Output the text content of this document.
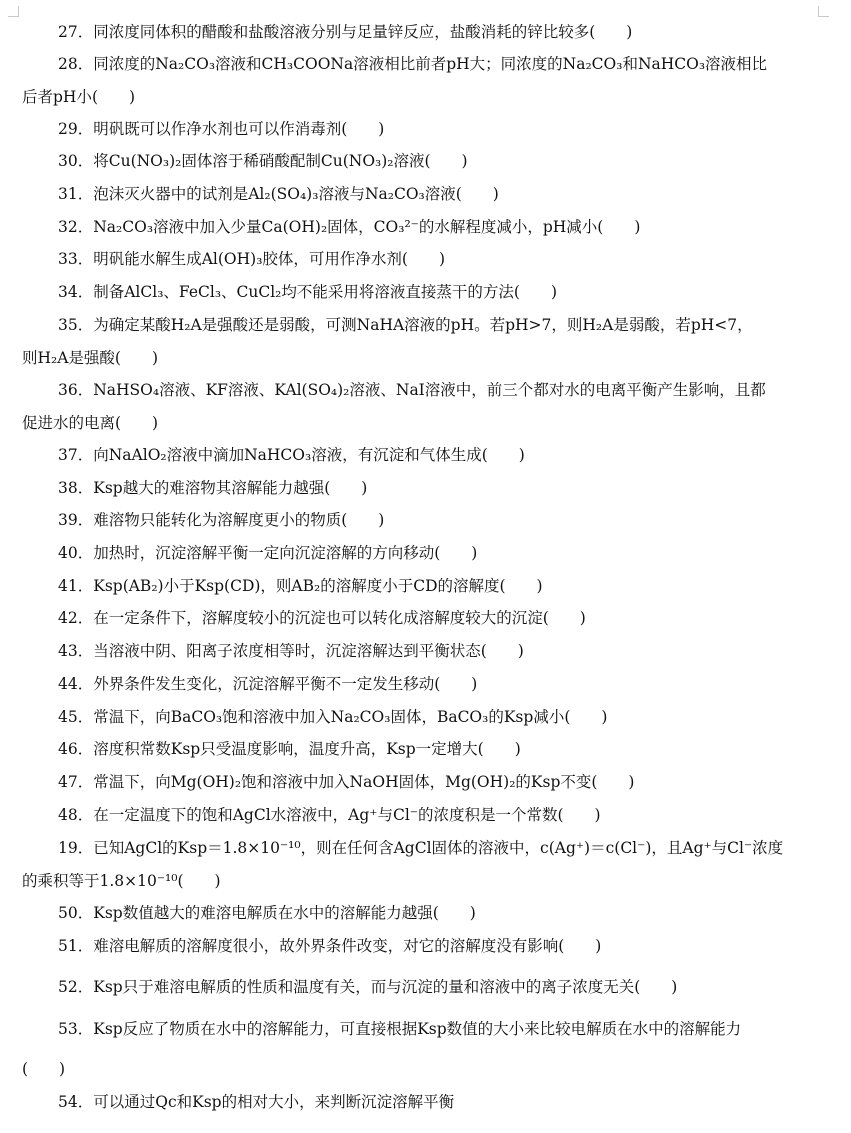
27．同浓度同体积的醋酸和盐酸溶液分别与足量锌反应，盐酸消耗的锌比较多(　　)
28．同浓度的Na₂CO₃溶液和CH₃COONa溶液相比前者pH大；同浓度的Na₂CO₃和NaHCO₃溶液相比
后者pH小(　　)
29．明矾既可以作净水剂也可以作消毒剂(　　)
30．将Cu(NO₃)₂固体溶于稀硝酸配制Cu(NO₃)₂溶液(　　)
31．泡沫灭火器中的试剂是Al₂(SO₄)₃溶液与Na₂CO₃溶液(　　)
32．Na₂CO₃溶液中加入少量Ca(OH)₂固体，CO₃²⁻的水解程度减小，pH减小(　　)
33．明矾能水解生成Al(OH)₃胶体，可用作净水剂(　　)
34．制备AlCl₃、FeCl₃、CuCl₂均不能采用将溶液直接蒸干的方法(　　)
35．为确定某酸H₂A是强酸还是弱酸，可测NaHA溶液的pH。若pH>7，则H₂A是弱酸，若pH<7，
则H₂A是强酸(　　)
36．NaHSO₄溶液、KF溶液、KAl(SO₄)₂溶液、NaI溶液中，前三个都对水的电离平衡产生影响，且都
促进水的电离(　　)
37．向NaAlO₂溶液中滴加NaHCO₃溶液，有沉淀和气体生成(　　)
38．Ksp越大的难溶物其溶解能力越强(　　)
39．难溶物只能转化为溶解度更小的物质(　　)
40．加热时，沉淀溶解平衡一定向沉淀溶解的方向移动(　　)
41．Ksp(AB₂)小于Ksp(CD)，则AB₂的溶解度小于CD的溶解度(　　)
42．在一定条件下，溶解度较小的沉淀也可以转化成溶解度较大的沉淀(　　)
43．当溶液中阴、阳离子浓度相等时，沉淀溶解达到平衡状态(　　)
44．外界条件发生变化，沉淀溶解平衡不一定发生移动(　　)
45．常温下，向BaCO₃饱和溶液中加入Na₂CO₃固体，BaCO₃的Ksp减小(　　)
46．溶度积常数Ksp只受温度影响，温度升高，Ksp一定增大(　　)
47．常温下，向Mg(OH)₂饱和溶液中加入NaOH固体，Mg(OH)₂的Ksp不变(　　)
48．在一定温度下的饱和AgCl水溶液中，Ag⁺与Cl⁻的浓度积是一个常数(　　)
19．已知AgCl的Ksp＝1.8×10⁻¹⁰，则在任何含AgCl固体的溶液中，c(Ag⁺)＝c(Cl⁻)，且Ag⁺与Cl⁻浓度
的乘积等于1.8×10⁻¹⁰(　　)
50．Ksp数值越大的难溶电解质在水中的溶解能力越强(　　)
51．难溶电解质的溶解度很小，故外界条件改变，对它的溶解度没有影响(　　)
52．Ksp只于难溶电解质的性质和温度有关，而与沉淀的量和溶液中的离子浓度无关(　　)
53．Ksp反应了物质在水中的溶解能力，可直接根据Ksp数值的大小来比较电解质在水中的溶解能力
(　　)
54．可以通过Qc和Ksp的相对大小，来判断沉淀溶解平衡
